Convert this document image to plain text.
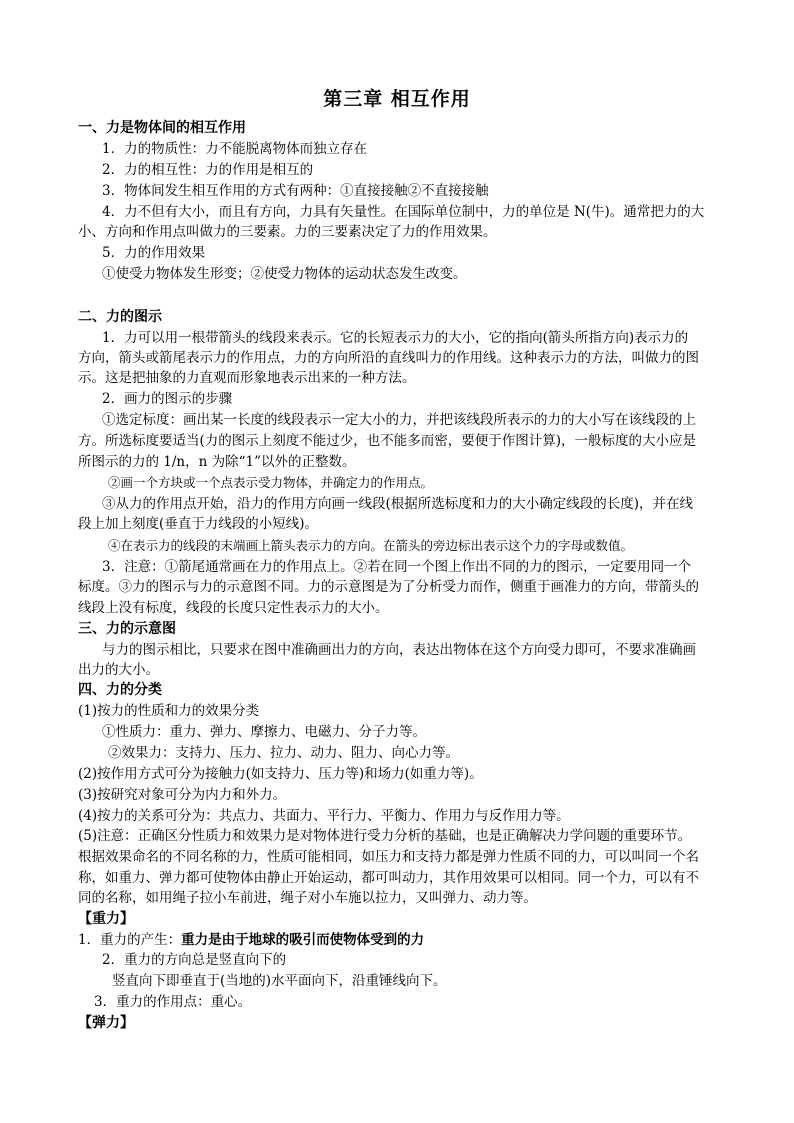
第三章 相互作用
一、力是物体间的相互作用
1．力的物质性：力不能脱离物体而独立存在
2．力的相互性：力的作用是相互的
3．物体间发生相互作用的方式有两种：①直接接触②不直接接触
4．力不但有大小，而且有方向，力具有矢量性。在国际单位制中，力的单位是 N(牛)。通常把力的大
小、方向和作用点叫做力的三要素。力的三要素决定了力的作用效果。
5．力的作用效果
①使受力物体发生形变；②使受力物体的运动状态发生改变。
二、力的图示
1．力可以用一根带箭头的线段来表示。它的长短表示力的大小，它的指向(箭头所指方向)表示力的
方向，箭头或箭尾表示力的作用点，力的方向所沿的直线叫力的作用线。这种表示力的方法，叫做力的图
示。这是把抽象的力直观而形象地表示出来的一种方法。
2．画力的图示的步骤
①选定标度：画出某一长度的线段表示一定大小的力，并把该线段所表示的力的大小写在该线段的上
方。所选标度要适当(力的图示上刻度不能过少，也不能多而密，要便于作图计算)，一般标度的大小应是
所图示的力的 1/n，n 为除“1”以外的正整数。
②画一个方块或一个点表示受力物体，并确定力的作用点。
③从力的作用点开始，沿力的作用方向画一线段(根据所选标度和力的大小确定线段的长度)，并在线
段上加上刻度(垂直于力线段的小短线)。
④在表示力的线段的末端画上箭头表示力的方向。在箭头的旁边标出表示这个力的字母或数值。
3．注意：①箭尾通常画在力的作用点上。②若在同一个图上作出不同的力的图示，一定要用同一个
标度。③力的图示与力的示意图不同。力的示意图是为了分析受力而作，侧重于画准力的方向，带箭头的
线段上没有标度，线段的长度只定性表示力的大小。
三、力的示意图
与力的图示相比，只要求在图中准确画出力的方向，表达出物体在这个方向受力即可，不要求准确画
出力的大小。
四、力的分类
(1)按力的性质和力的效果分类
①性质力：重力、弹力、摩擦力、电磁力、分子力等。
②效果力：支持力、压力、拉力、动力、阻力、向心力等。
(2)按作用方式可分为接触力(如支持力、压力等)和场力(如重力等)。
(3)按研究对象可分为内力和外力。
(4)按力的关系可分为：共点力、共面力、平行力、平衡力、作用力与反作用力等。
(5)注意：正确区分性质力和效果力是对物体进行受力分析的基础，也是正确解决力学问题的重要环节。
根据效果命名的不同名称的力，性质可能相同，如压力和支持力都是弹力性质不同的力，可以叫同一个名
称，如重力、弹力都可使物体由静止开始运动，都可叫动力，其作用效果可以相同。同一个力，可以有不
同的名称，如用绳子拉小车前进，绳子对小车施以拉力，又叫弹力、动力等。
【重力】
1．重力的产生：重力是由于地球的吸引而使物体受到的力
2．重力的方向总是竖直向下的
竖直向下即垂直于(当地的)水平面向下，沿重锤线向下。
3．重力的作用点：重心。
【弹力】
